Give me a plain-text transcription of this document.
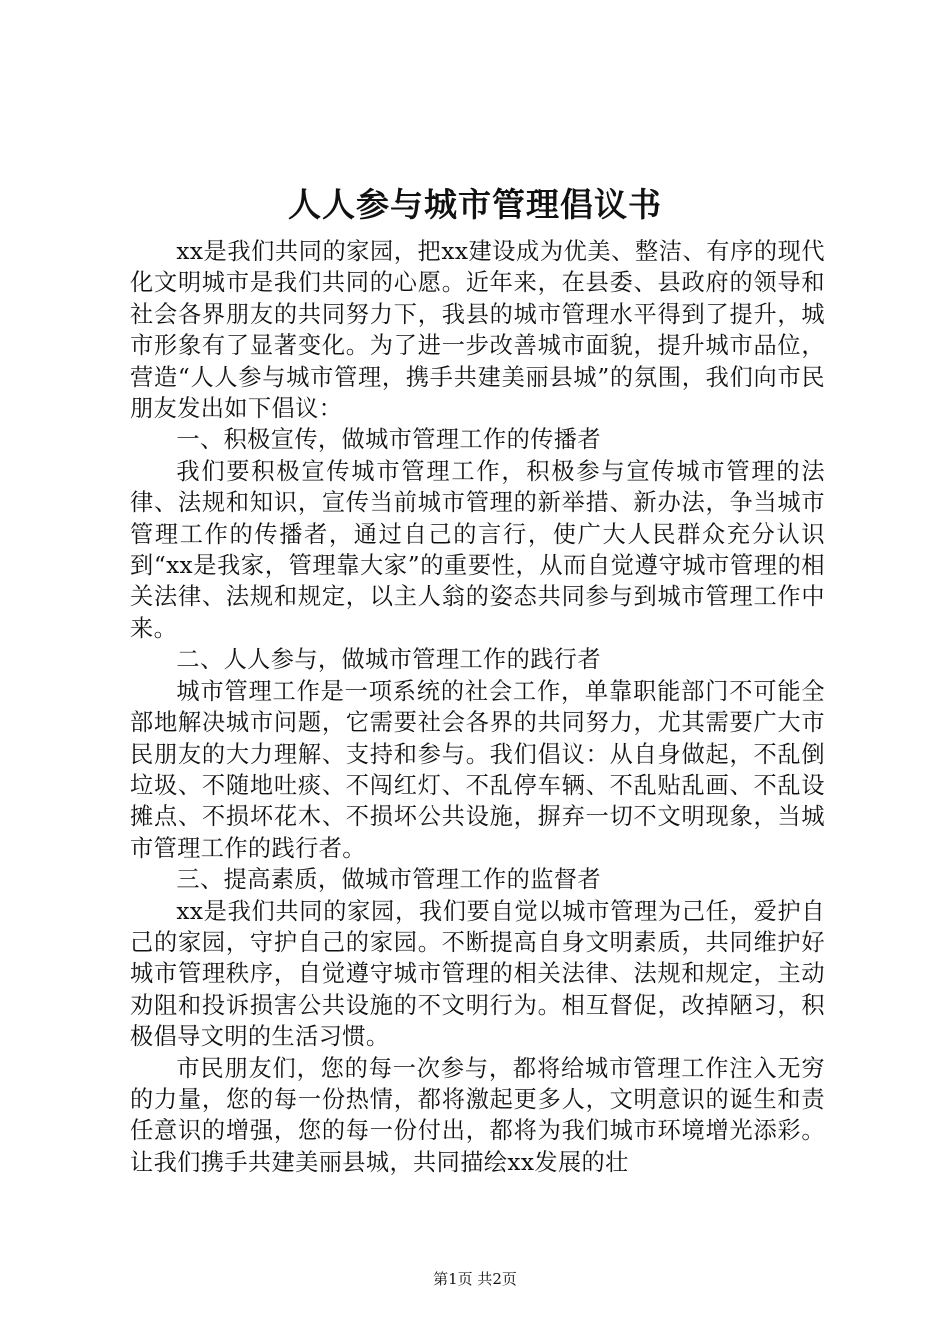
人人参与城市管理倡议书

xx是我们共同的家园，把xx建设成为优美、整洁、有序的现代化文明城市是我们共同的心愿。近年来，在县委、县政府的领导和社会各界朋友的共同努力下，我县的城市管理水平得到了提升，城市形象有了显著变化。为了进一步改善城市面貌，提升城市品位，营造“人人参与城市管理，携手共建美丽县城”的氛围，我们向市民朋友发出如下倡议：

一、积极宣传，做城市管理工作的传播者

我们要积极宣传城市管理工作，积极参与宣传城市管理的法律、法规和知识，宣传当前城市管理的新举措、新办法，争当城市管理工作的传播者，通过自己的言行，使广大人民群众充分认识到“xx是我家，管理靠大家”的重要性，从而自觉遵守城市管理的相关法律、法规和规定，以主人翁的姿态共同参与到城市管理工作中来。

二、人人参与，做城市管理工作的践行者

城市管理工作是一项系统的社会工作，单靠职能部门不可能全部地解决城市问题，它需要社会各界的共同努力，尤其需要广大市民朋友的大力理解、支持和参与。我们倡议：从自身做起，不乱倒垃圾、不随地吐痰、不闯红灯、不乱停车辆、不乱贴乱画、不乱设摊点、不损坏花木、不损坏公共设施，摒弃一切不文明现象，当城市管理工作的践行者。

三、提高素质，做城市管理工作的监督者

xx是我们共同的家园，我们要自觉以城市管理为己任，爱护自己的家园，守护自己的家园。不断提高自身文明素质，共同维护好城市管理秩序，自觉遵守城市管理的相关法律、法规和规定，主动劝阻和投诉损害公共设施的不文明行为。相互督促，改掉陋习，积极倡导文明的生活习惯。

市民朋友们，您的每一次参与，都将给城市管理工作注入无穷的力量，您的每一份热情，都将激起更多人，文明意识的诞生和责任意识的增强，您的每一份付出，都将为我们城市环境增光添彩。让我们携手共建美丽县城，共同描绘xx发展的壮

第1页 共2页
